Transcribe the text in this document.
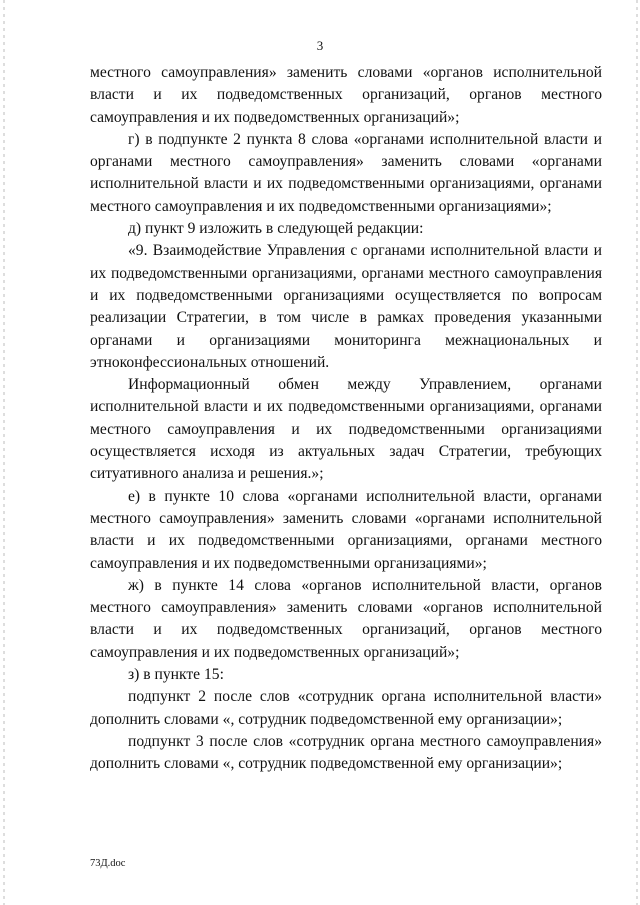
3

местного самоуправления» заменить словами «органов исполнительной власти и их подведомственных организаций, органов местного самоуправления и их подведомственных организаций»;

г) в подпункте 2 пункта 8 слова «органами исполнительной власти и органами местного самоуправления» заменить словами «органами исполнительной власти и их подведомственными организациями, органами местного самоуправления и их подведомственными организациями»;

д) пункт 9 изложить в следующей редакции:

«9. Взаимодействие Управления с органами исполнительной власти и их подведомственными организациями, органами местного самоуправления и их подведомственными организациями осуществляется по вопросам реализации Стратегии, в том числе в рамках проведения указанными органами и организациями мониторинга межнациональных и этноконфессиональных отношений.

Информационный обмен между Управлением, органами исполнительной власти и их подведомственными организациями, органами местного самоуправления и их подведомственными организациями осуществляется исходя из актуальных задач Стратегии, требующих ситуативного анализа и решения.»;

е) в пункте 10 слова «органами исполнительной власти, органами местного самоуправления» заменить словами «органами исполнительной власти и их подведомственными организациями, органами местного самоуправления и их подведомственными организациями»;

ж) в пункте 14 слова «органов исполнительной власти, органов местного самоуправления» заменить словами «органов исполнительной власти и их подведомственных организаций, органов местного самоуправления и их подведомственных организаций»;

з) в пункте 15:

подпункт 2 после слов «сотрудник органа исполнительной власти» дополнить словами «, сотрудник подведомственной ему организации»;

подпункт 3 после слов «сотрудник органа местного самоуправления» дополнить словами «, сотрудник подведомственной ему организации»;

73Д.doc
